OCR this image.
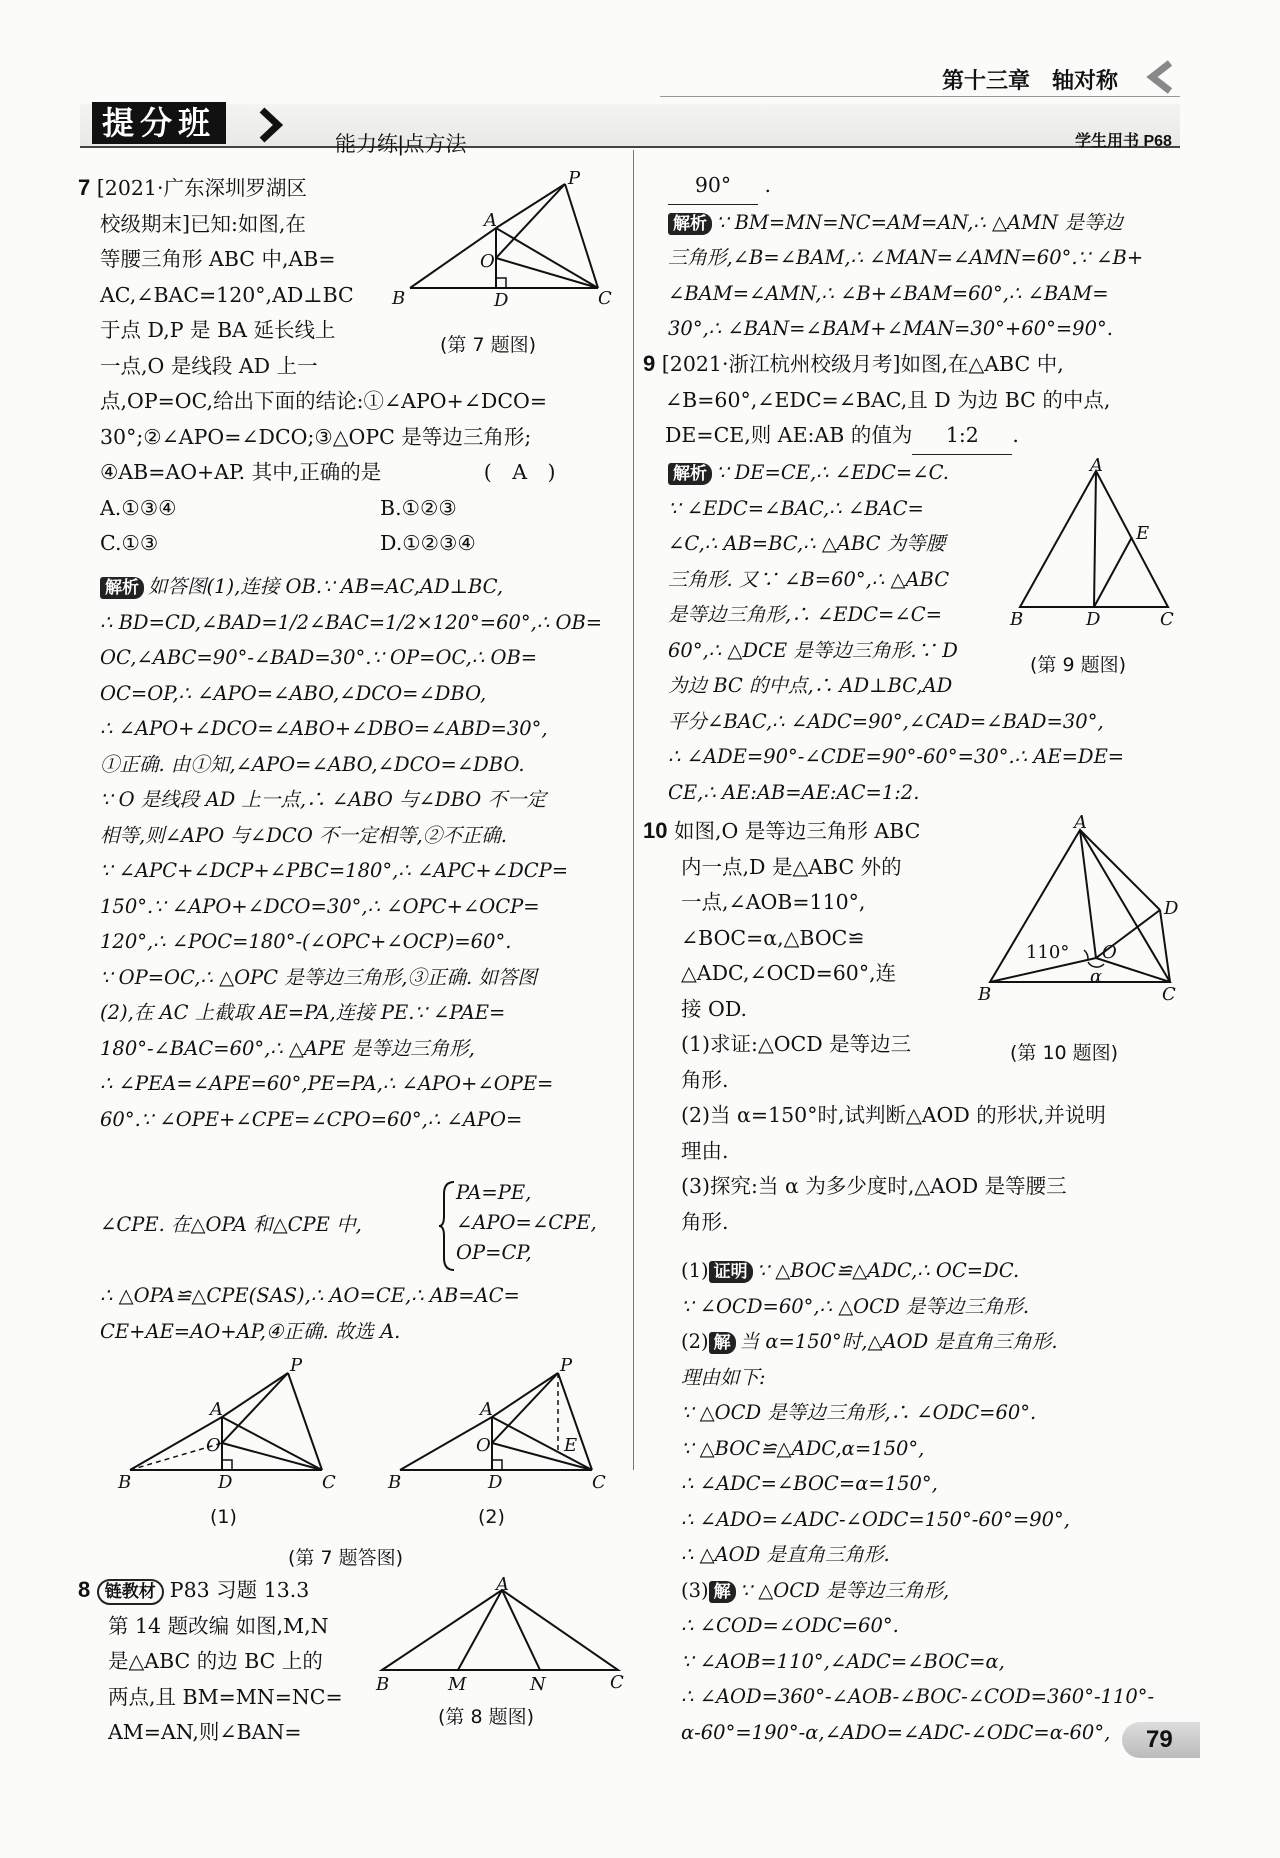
第十三章　轴对称
提分班
能力练|点方法	学生用书 P68

7 [2021·广东深圳罗湖区

校级期末]已知:如图,在

等腰三角形 ABC 中,AB=

AC,∠BAC=120°,AD⊥BC

于点 D,P 是 BA 延长线上

一点,O 是线段 AD 上一

点,OP=OC,给出下面的结论:①∠APO+∠DCO=

30°;②∠APO=∠DCO;③△OPC 是等边三角形;

④AB=AO+AP. 其中,正确的是　　　　　(　A　)

A.①③④	B.①②③

C.①③	D.①②③④

解析 如答图(1),连接 OB.∵ AB=AC,AD⊥BC,

∴ BD=CD,∠BAD=1/2∠BAC=1/2×120°=60°,∴ OB=

OC,∠ABC=90°-∠BAD=30°.∵ OP=OC,∴ OB=

OC=OP,∴ ∠APO=∠ABO,∠DCO=∠DBO,

∴ ∠APO+∠DCO=∠ABO+∠DBO=∠ABD=30°,

①正确. 由①知,∠APO=∠ABO,∠DCO=∠DBO.

∵ O 是线段 AD 上一点,∴ ∠ABO 与∠DBO 不一定

相等,则∠APO 与∠DCO 不一定相等,②不正确.

∵ ∠APC+∠DCP+∠PBC=180°,∴ ∠APC+∠DCP=

150°.∵ ∠APO+∠DCO=30°,∴ ∠OPC+∠OCP=

120°,∴ ∠POC=180°-(∠OPC+∠OCP)=60°.

∵ OP=OC,∴ △OPC 是等边三角形,③正确. 如答图

(2),在 AC 上截取 AE=PA,连接 PE.∵ ∠PAE=

180°-∠BAC=60°,∴ △APE 是等边三角形,

∴ ∠PEA=∠APE=60°,PE=PA,∴ ∠APO+∠OPE=

60°.∵ ∠OPE+∠CPE=∠CPO=60°,∴ ∠APO=

∠CPE. 在△OPA 和△CPE 中,

PA=PE,
∠APO=∠CPE,
OP=CP,

∴ △OPA≌△CPE(SAS),∴ AO=CE,∴ AB=AC=

CE+AE=AO+AP,④正确. 故选 A.

P
A
O
D
B	C
(第 7 题图)
P
A
O
D
B	C
(1)
P
A
O	E
D
B	C
(2)
(第 7 题答图)

8 链教材 P83 习题 13.3

第 14 题改编 如图,M,N

是△ABC 的边 BC 上的

两点,且 BM=MN=NC=

AM=AN,则∠BAN=

A
B	M	N	C
(第 8 题图)

90° .

解析 ∵ BM=MN=NC=AM=AN,∴ △AMN 是等边

三角形,∠B=∠BAM,∴ ∠MAN=∠AMN=60°.∵ ∠B+

∠BAM=∠AMN,∴ ∠B+∠BAM=60°,∴ ∠BAM=

30°,∴ ∠BAN=∠BAM+∠MAN=30°+60°=90°.

9 [2021·浙江杭州校级月考]如图,在△ABC 中,

∠B=60°,∠EDC=∠BAC,且 D 为边 BC 的中点,

DE=CE,则 AE:AB 的值为 1:2 .

解析 ∵ DE=CE,∴ ∠EDC=∠C.

∵ ∠EDC=∠BAC,∴ ∠BAC=

∠C,∴ AB=BC,∴ △ABC 为等腰

三角形. 又∵ ∠B=60°,∴ △ABC

是等边三角形,∴ ∠EDC=∠C=

60°,∴ △DCE 是等边三角形.∵ D

为边 BC 的中点,∴ AD⊥BC,AD

平分∠BAC,∴ ∠ADC=90°,∠CAD=∠BAD=30°,

∴ ∠ADE=90°-∠CDE=90°-60°=30°.∴ AE=DE=

CE,∴ AE:AB=AE:AC=1:2.

A
E
B	D	C
(第 9 题图)

10 如图,O 是等边三角形 ABC

内一点,D 是△ABC 外的

一点,∠AOB=110°,

∠BOC=α,△BOC≌

△ADC,∠OCD=60°,连

接 OD.

(1)求证:△OCD 是等边三

角形.

(2)当 α=150°时,试判断△AOD 的形状,并说明

理由.

(3)探究:当 α 为多少度时,△AOD 是等腰三

角形.

A
D
O
α
110°
B	C
(第 10 题图)

(1) 证明 ∵ △BOC≌△ADC,∴ OC=DC.

∵ ∠OCD=60°,∴ △OCD 是等边三角形.

(2) 解 当 α=150°时,△AOD 是直角三角形.

理由如下:

∵ △OCD 是等边三角形,∴ ∠ODC=60°.

∵ △BOC≌△ADC,α=150°,

∴ ∠ADC=∠BOC=α=150°,

∴ ∠ADO=∠ADC-∠ODC=150°-60°=90°,

∴ △AOD 是直角三角形.

(3) 解 ∵ △OCD 是等边三角形,

∴ ∠COD=∠ODC=60°.

∵ ∠AOB=110°,∠ADC=∠BOC=α,

∴ ∠AOD=360°-∠AOB-∠BOC-∠COD=360°-110°-

α-60°=190°-α,∠ADO=∠ADC-∠ODC=α-60°,	79
